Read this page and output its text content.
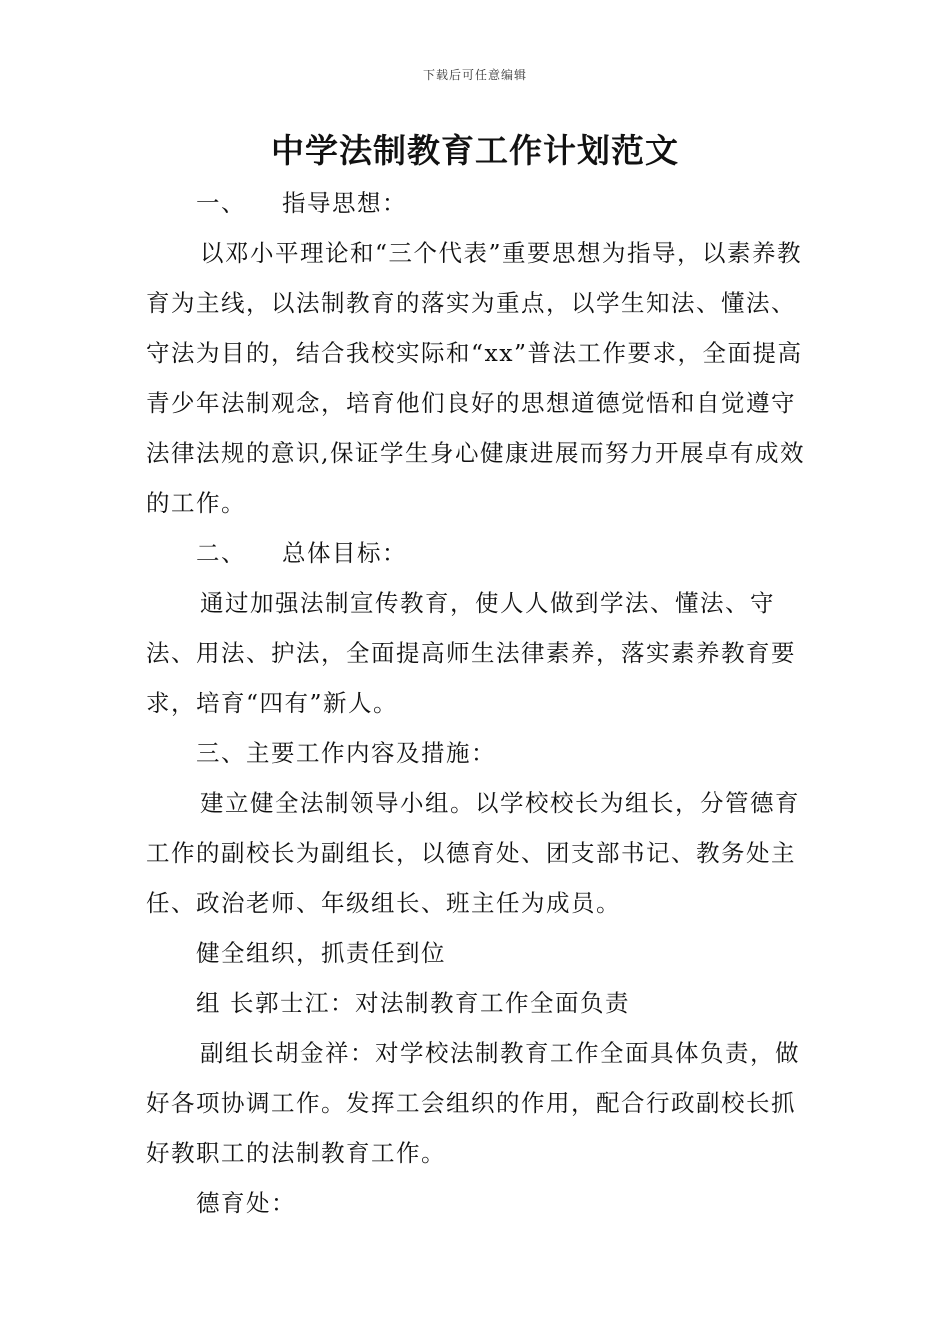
下载后可任意编辑
中学法制教育工作计划范文

一、 指导思想：

以邓小平理论和“三个代表”重要思想为指导，以素养教育为主线，以法制教育的落实为重点，以学生知法、懂法、守法为目的，结合我校实际和“xx”普法工作要求，全面提高青少年法制观念，培育他们良好的思想道德觉悟和自觉遵守法律法规的意识,保证学生身心健康进展而努力开展卓有成效的工作。

二、 总体目标：

通过加强法制宣传教育，使人人做到学法、懂法、守法、用法、护法，全面提高师生法律素养，落实素养教育要求，培育“四有”新人。

三、主要工作内容及措施：

建立健全法制领导小组。以学校校长为组长，分管德育工作的副校长为副组长，以德育处、团支部书记、教务处主任、政治老师、年级组长、班主任为成员。

健全组织，抓责任到位

组 长郭士江：对法制教育工作全面负责

副组长胡金祥：对学校法制教育工作全面具体负责，做好各项协调工作。发挥工会组织的作用，配合行政副校长抓好教职工的法制教育工作。

德育处：
